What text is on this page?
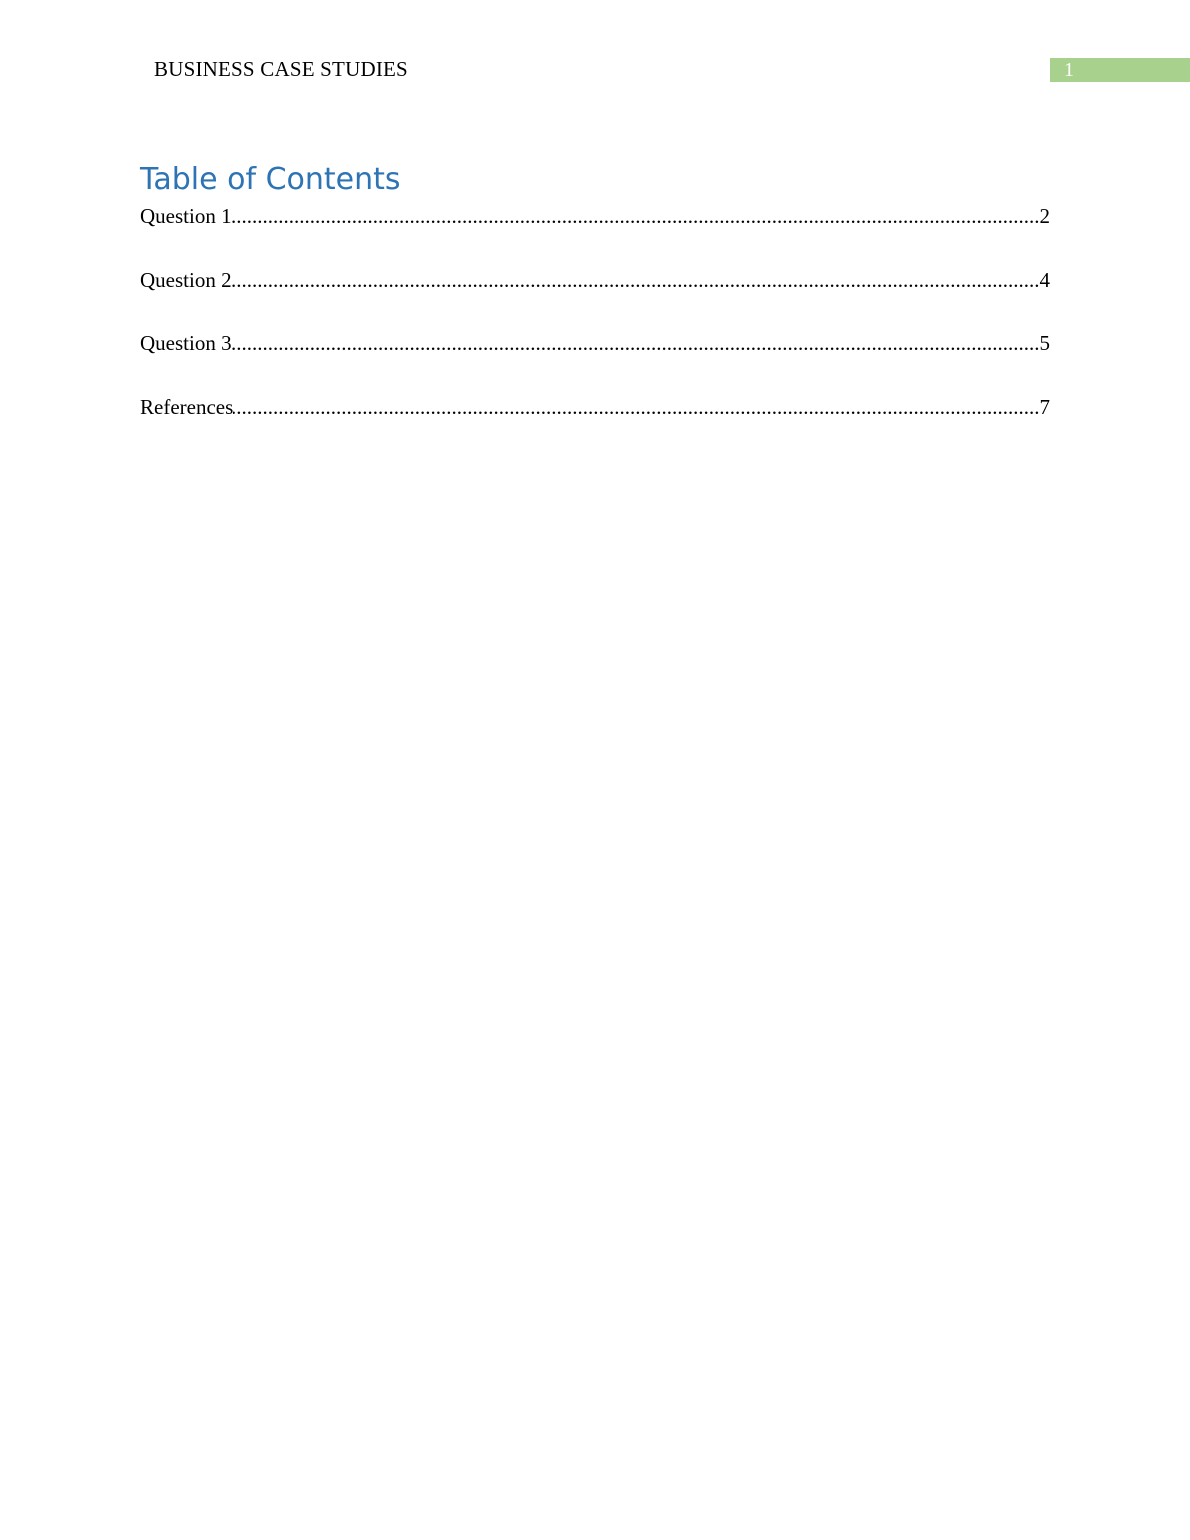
BUSINESS CASE STUDIES	1
Table of Contents
Question 1 .....	2
Question 2 .....	4
Question 3 .....	5
References .....	7
